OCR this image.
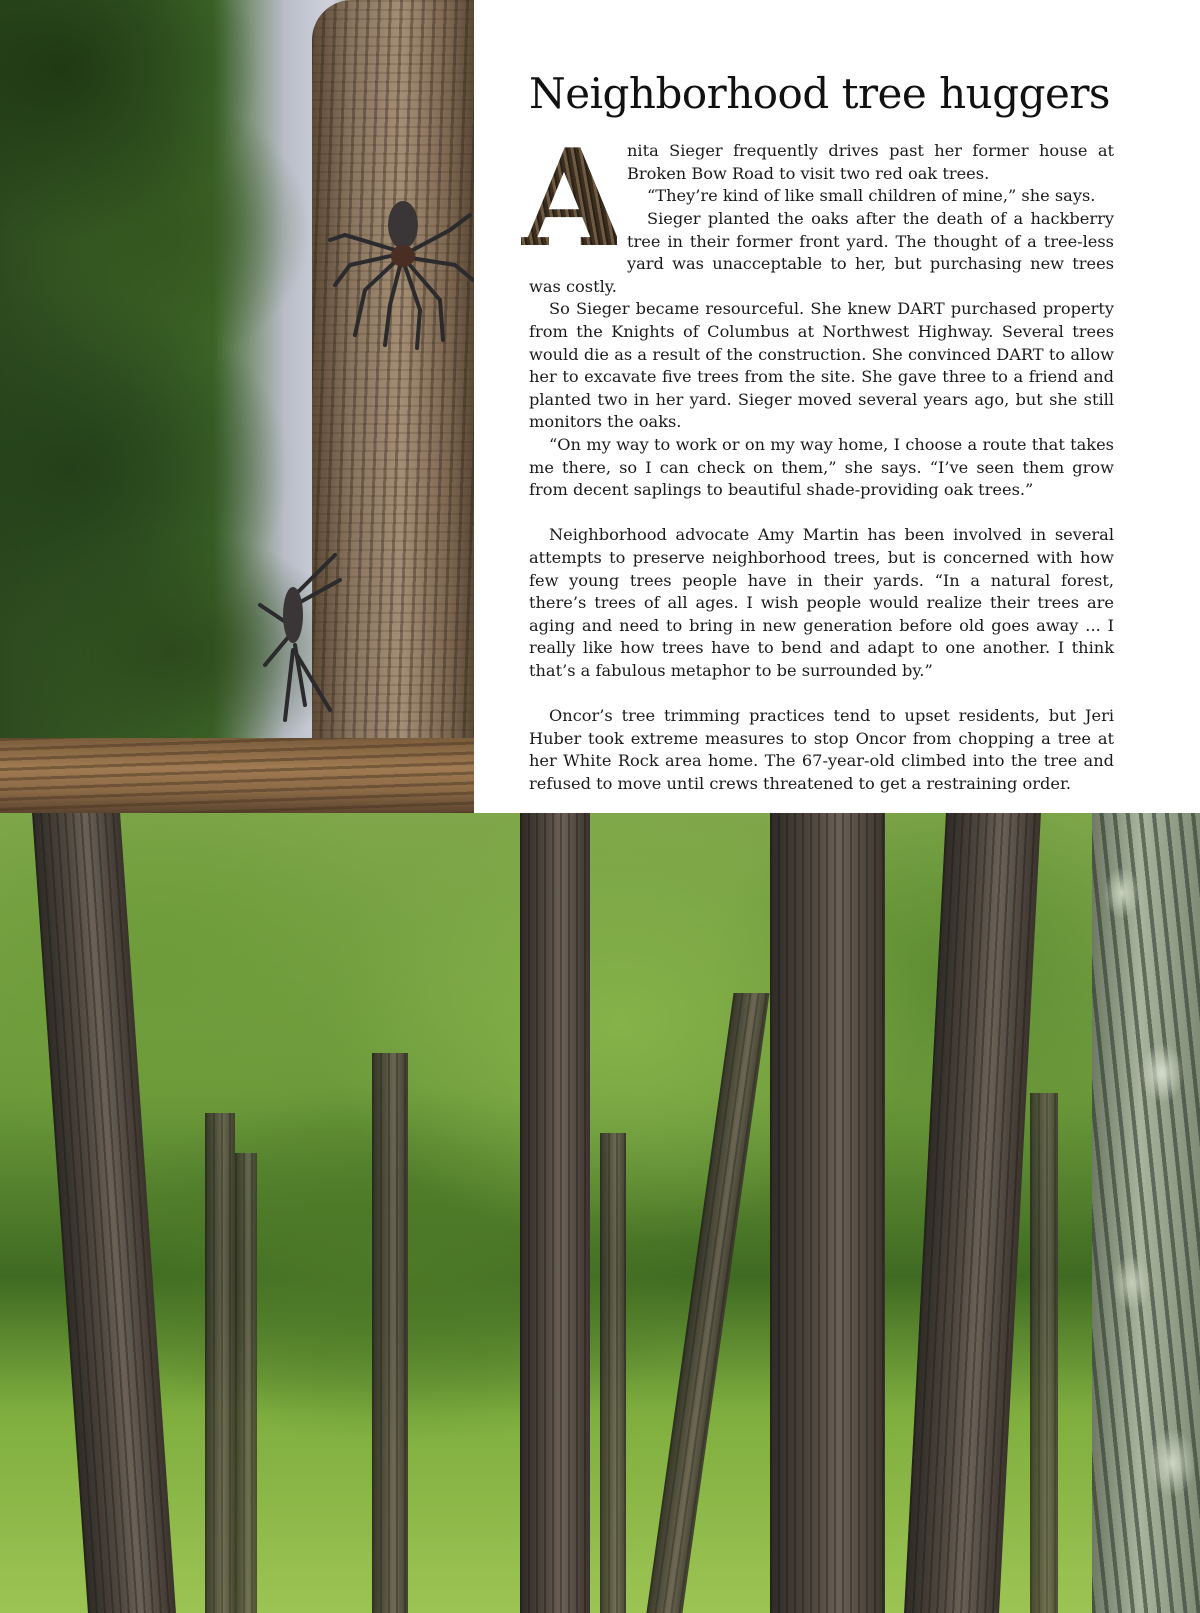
Neighborhood tree huggers
A nita Sieger frequently drives past her former house at Broken Bow Road to visit two red oak trees.

“They’re kind of like small children of mine,” she says.

Sieger planted the oaks after the death of a hackberry tree in their former front yard. The thought of a tree-less yard was unacceptable to her, but purchasing new trees was costly.

So Sieger became resourceful. She knew DART purchased property from the Knights of Columbus at Northwest Highway. Several trees would die as a result of the construction. She convinced DART to allow her to excavate five trees from the site. She gave three to a friend and planted two in her yard. Sieger moved several years ago, but she still monitors the oaks.

“On my way to work or on my way home, I choose a route that takes me there, so I can check on them,” she says. “I’ve seen them grow from decent saplings to beautiful shade-providing oak trees.”

Neighborhood advocate Amy Martin has been involved in several attempts to preserve neighborhood trees, but is concerned with how few young trees people have in their yards. “In a natural forest, there’s trees of all ages. I wish people would realize their trees are aging and need to bring in new generation before old goes away ... I really like how trees have to bend and adapt to one another. I think that’s a fabulous metaphor to be surrounded by.”

Oncor’s tree trimming practices tend to upset residents, but Jeri Huber took extreme measures to stop Oncor from chopping a tree at her White Rock area home. The 67-year-old climbed into the tree and refused to move until crews threatened to get a restraining order.
